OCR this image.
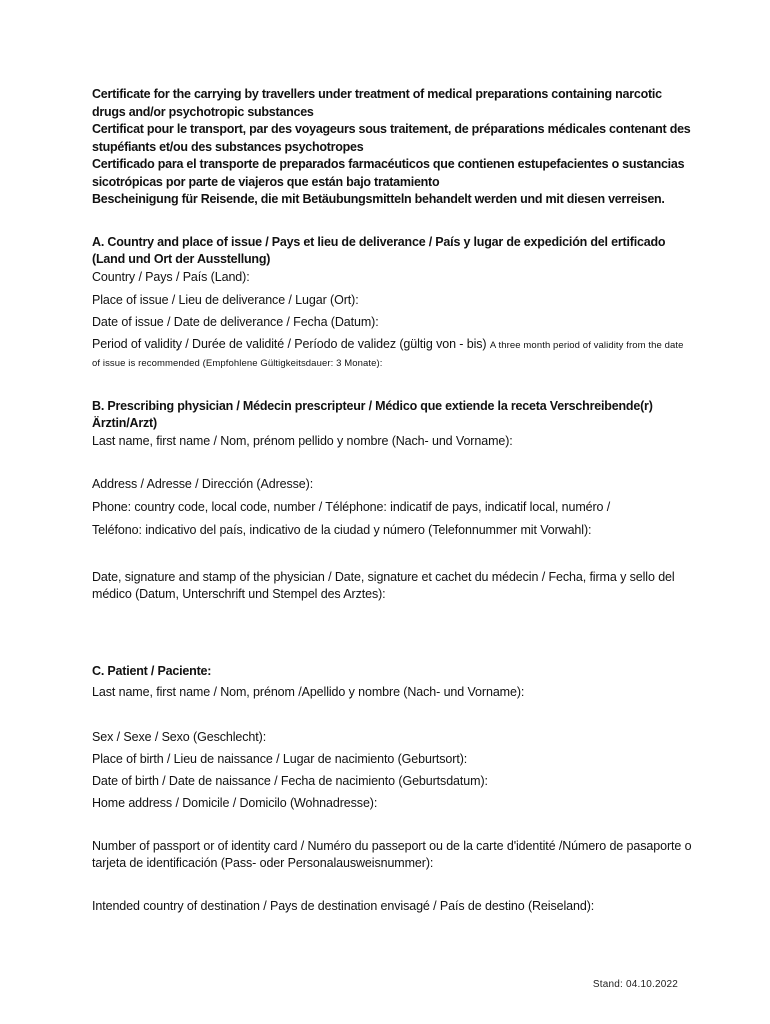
Certificate for the carrying by travellers under treatment of medical preparations containing narcotic drugs and/or psychotropic substances

Certificat pour le transport, par des voyageurs sous traitement, de préparations médicales contenant des stupéfiants et/ou des substances psychotropes

Certificado para el transporte de preparados farmacéuticos que contienen estupefacientes o sustancias sicotrópicas por parte de viajeros que están bajo tratamiento

Bescheinigung für Reisende, die mit Betäubungsmitteln behandelt werden und mit diesen verreisen.

A. Country and place of issue / Pays et lieu de deliverance / País y lugar de expedición del ertificado (Land und Ort der Ausstellung)

Country / Pays / País (Land):

Place of issue / Lieu de deliverance / Lugar (Ort):

Date of issue / Date de deliverance / Fecha (Datum):

Period of validity / Durée de validité / Período de validez (gültig von - bis) A three month period of validity from the date of issue is recommended (Empfohlene Gültigkeitsdauer: 3 Monate):

B. Prescribing physician / Médecin prescripteur / Médico que extiende la receta Verschreibende(r) Ärztin/Arzt)

Last name, first name / Nom, prénom pellido y nombre (Nach- und Vorname):

Address / Adresse / Dirección (Adresse):

Phone: country code, local code, number / Téléphone: indicatif de pays, indicatif local, numéro /

Teléfono: indicativo del país, indicativo de la ciudad y número (Telefonnummer mit Vorwahl):

Date, signature and stamp of the physician / Date, signature et cachet du médecin / Fecha, firma y sello del médico (Datum, Unterschrift und Stempel des Arztes):

C. Patient / Paciente:

Last name, first name / Nom, prénom /Apellido y nombre (Nach- und Vorname):

Sex / Sexe / Sexo (Geschlecht):

Place of birth / Lieu de naissance / Lugar de nacimiento (Geburtsort):

Date of birth / Date de naissance / Fecha de nacimiento (Geburtsdatum):

Home address / Domicile / Domicilo (Wohnadresse):

Number of passport or of identity card / Numéro du passeport ou de la carte d'identité /Número de pasaporte o tarjeta de identificación (Pass- oder Personalausweisnummer):

Intended country of destination / Pays de destination envisagé / País de destino (Reiseland):

Stand: 04.10.2022
